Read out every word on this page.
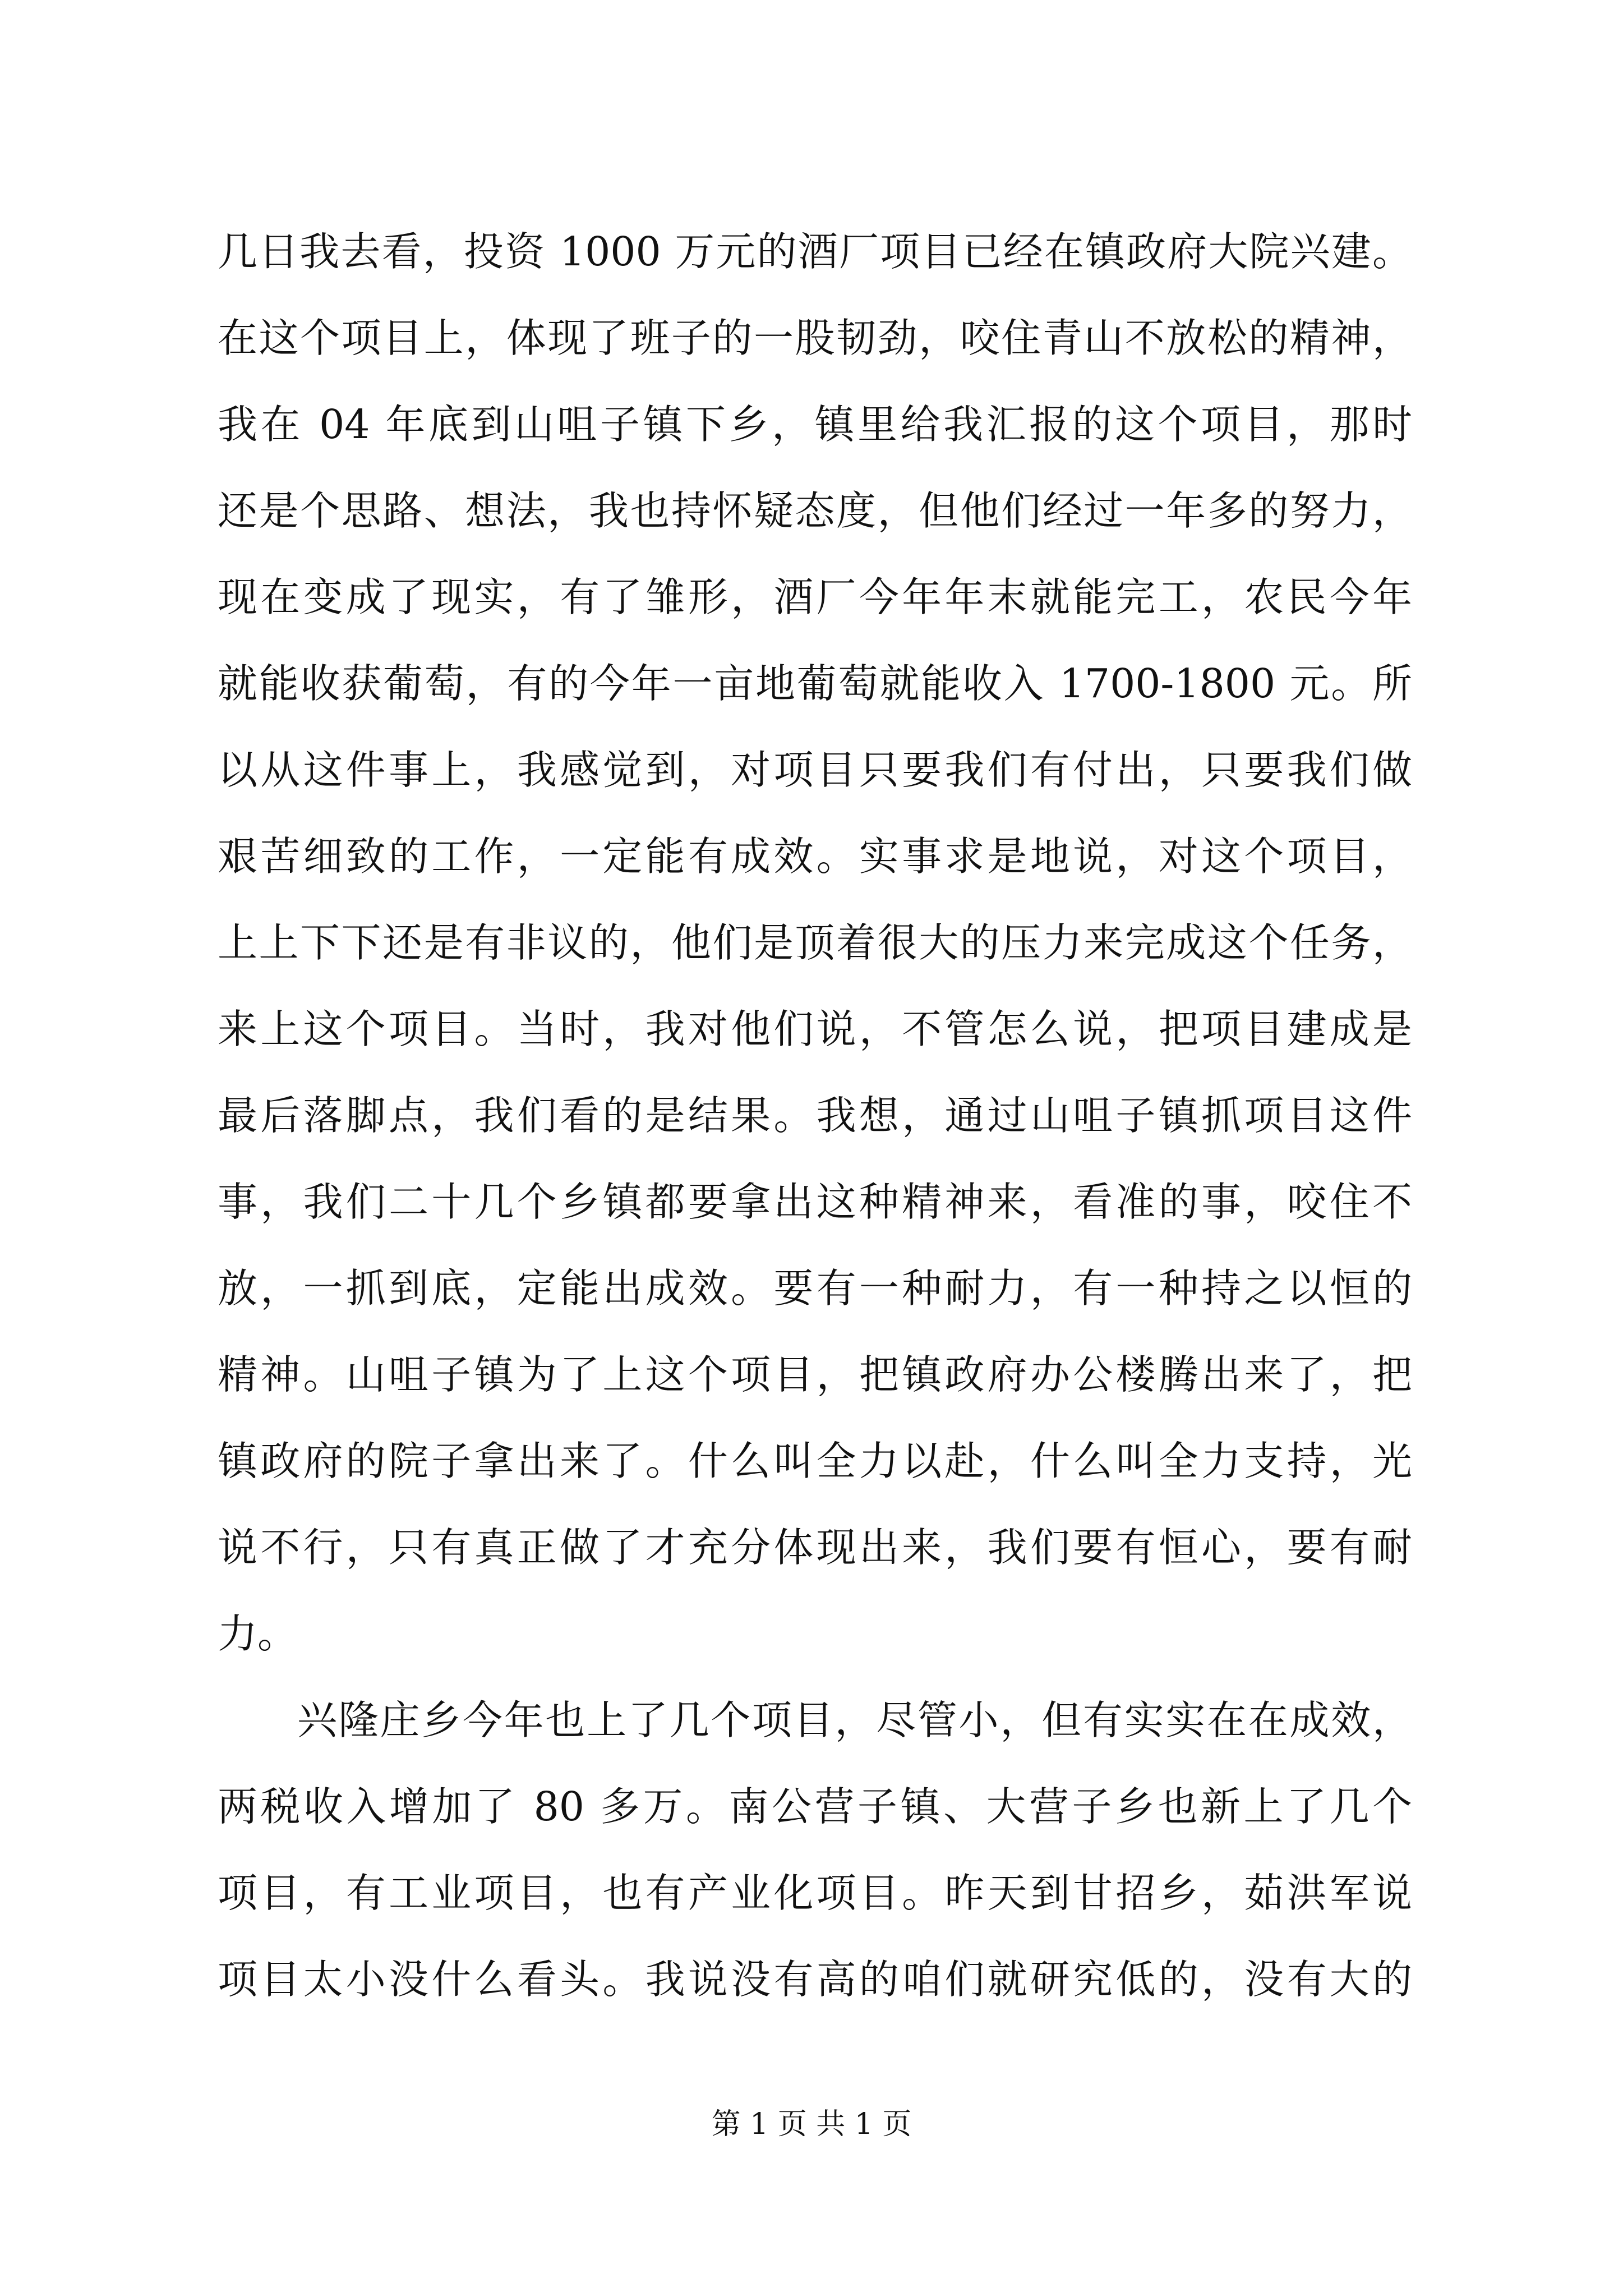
几日我去看，投资 1000 万元的酒厂项目已经在镇政府大院兴建。
在这个项目上，体现了班子的一股韧劲，咬住青山不放松的精神，
我在 04 年底到山咀子镇下乡，镇里给我汇报的这个项目，那时
还是个思路、想法，我也持怀疑态度，但他们经过一年多的努力，
现在变成了现实，有了雏形，酒厂今年年末就能完工，农民今年
就能收获葡萄，有的今年一亩地葡萄就能收入 1700-1800 元。所
以从这件事上，我感觉到，对项目只要我们有付出，只要我们做
艰苦细致的工作，一定能有成效。实事求是地说，对这个项目，
上上下下还是有非议的，他们是顶着很大的压力来完成这个任务，
来上这个项目。当时，我对他们说，不管怎么说，把项目建成是
最后落脚点，我们看的是结果。我想，通过山咀子镇抓项目这件
事，我们二十几个乡镇都要拿出这种精神来，看准的事，咬住不
放，一抓到底，定能出成效。要有一种耐力，有一种持之以恒的
精神。山咀子镇为了上这个项目，把镇政府办公楼腾出来了，把
镇政府的院子拿出来了。什么叫全力以赴，什么叫全力支持，光
说不行，只有真正做了才充分体现出来，我们要有恒心，要有耐
力。
兴隆庄乡今年也上了几个项目，尽管小，但有实实在在成效，
两税收入增加了 80 多万。南公营子镇、大营子乡也新上了几个
项目，有工业项目，也有产业化项目。昨天到甘招乡，茹洪军说
项目太小没什么看头。我说没有高的咱们就研究低的，没有大的
第 1 页 共 1 页
